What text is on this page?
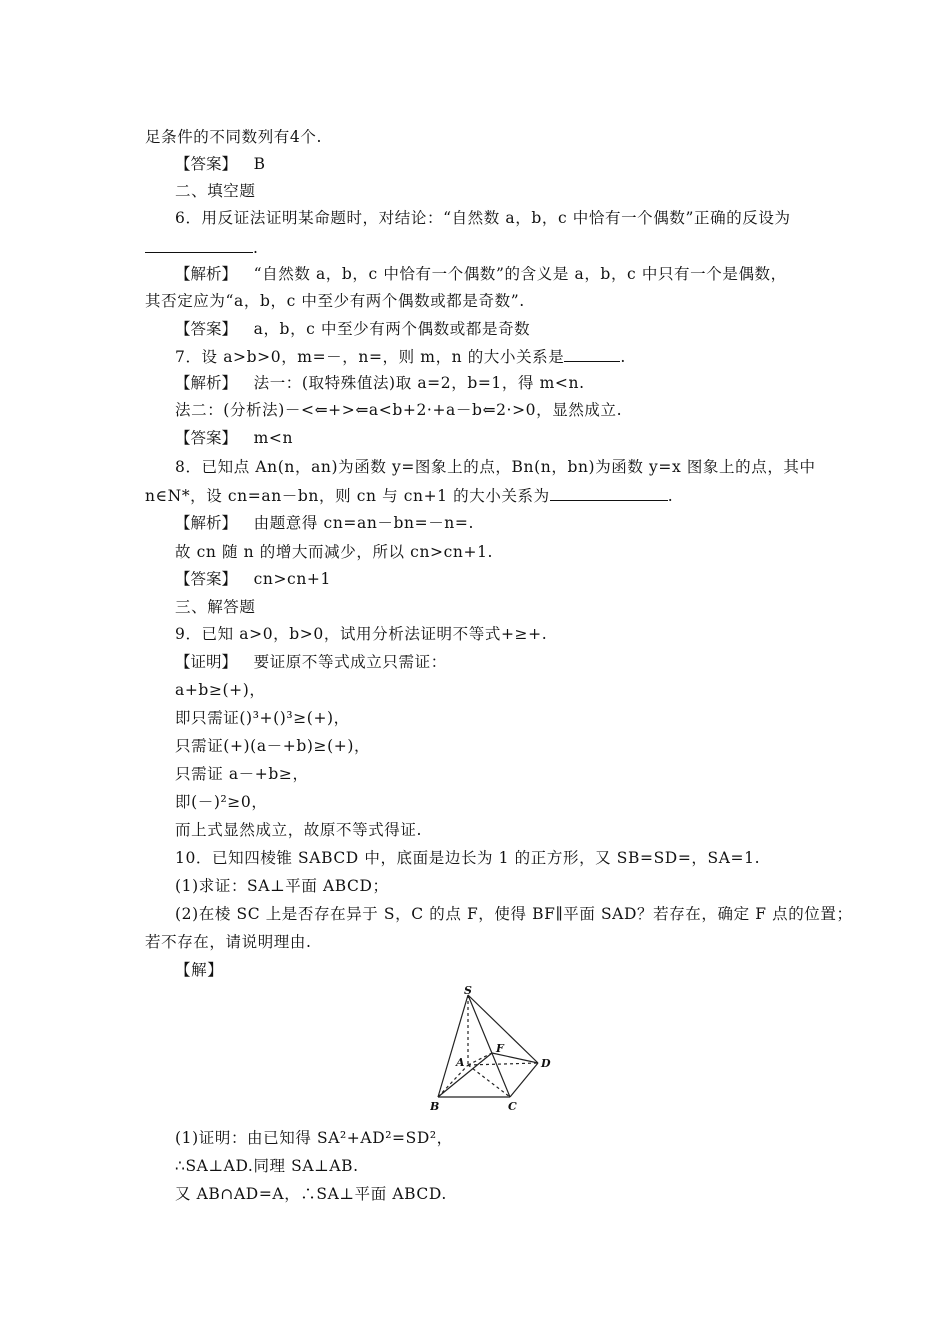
足条件的不同数列有4个.
【答案】 B
二、填空题
6．用反证法证明某命题时，对结论：“自然数 a，b，c 中恰有一个偶数”正确的反设为
.
【解析】 “自然数 a，b，c 中恰有一个偶数”的含义是 a，b，c 中只有一个是偶数，
其否定应为“a，b，c 中至少有两个偶数或都是奇数”.
【答案】 a，b，c 中至少有两个偶数或都是奇数
7．设 a>b>0，m=－，n=，则 m，n 的大小关系是	.
【解析】 法一：(取特殊值法)取 a=2，b=1，得 m<n.
法二：(分析法)－<⇐+>⇐a<b+2·+a－b⇐2·>0，显然成立.
【答案】 m<n
8．已知点 An(n，an)为函数 y=图象上的点，Bn(n，bn)为函数 y=x 图象上的点，其中
n∈N*，设 cn=an－bn，则 cn 与 cn+1 的大小关系为	.
【解析】 由题意得 cn=an－bn=－n=.
故 cn 随 n 的增大而减少，所以 cn>cn+1.
【答案】 cn>cn+1
三、解答题
9．已知 a>0，b>0，试用分析法证明不等式+≥+.
【证明】 要证原不等式成立只需证：
a+b≥(+)，
即只需证()³+()³≥(+)，
只需证(+)(a－+b)≥(+)，
只需证 a－+b≥，
即(－)²≥0，
而上式显然成立，故原不等式得证.
10．已知四棱锥 SABCD 中，底面是边长为 1 的正方形，又 SB=SD=，SA=1.
(1)求证：SA⊥平面 ABCD；
(2)在棱 SC 上是否存在异于 S，C 的点 F，使得 BF∥平面 SAD？若存在，确定 F 点的位置；
若不存在，请说明理由.
【解】
S
A
B	C
D
F
(1)证明：由已知得 SA²+AD²=SD²，
∴SA⊥AD.同理 SA⊥AB.
又 AB∩AD=A，∴SA⊥平面 ABCD.
